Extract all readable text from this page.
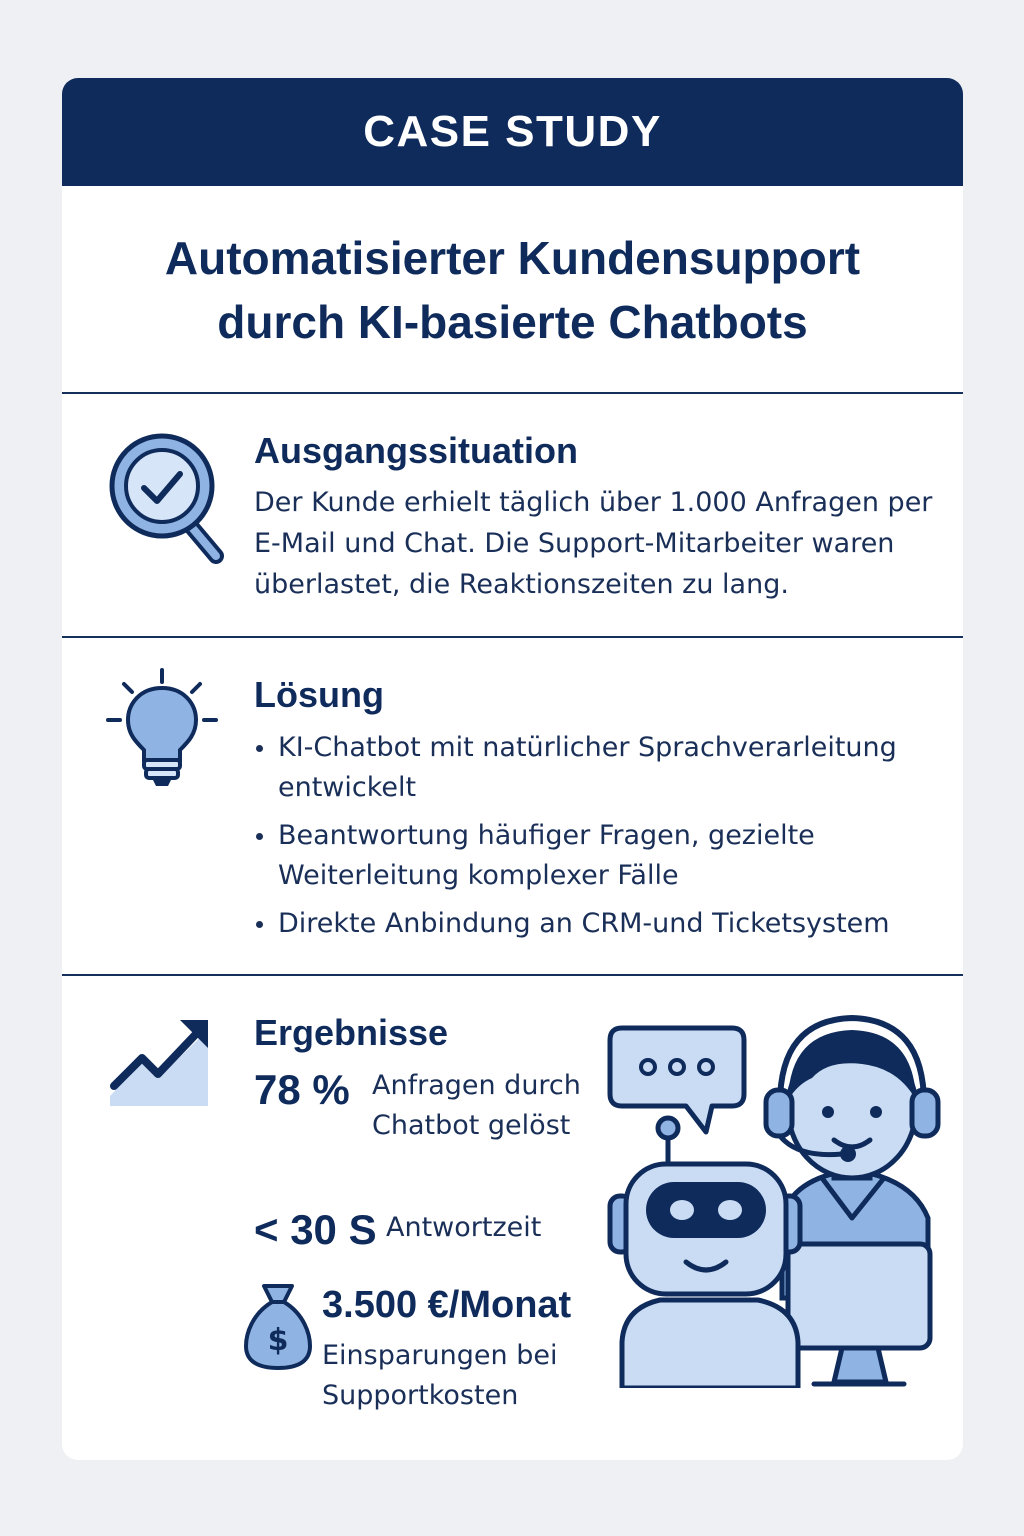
CASE STUDY
Automatisierter Kundensupport
durch KI-basierte Chatbots
Ausgangssituation
Der Kunde erhielt täglich über 1.000 Anfragen per E-Mail und Chat. Die Support-Mitarbeiter waren überlastet, die Reaktionszeiten zu lang.
Lösung
KI-Chatbot mit natürlicher Sprachverarleitung entwickelt
Beantwortung häufiger Fragen, gezielte Weiterleitung komplexer Fälle
Direkte Anbindung an CRM-und Ticketsystem
Ergebnisse
78 % Anfragen durch Chatbot gelöst
< 30 S Antwortzeit
$
3.500 €/Monat
Einsparungen bei Supportkosten
